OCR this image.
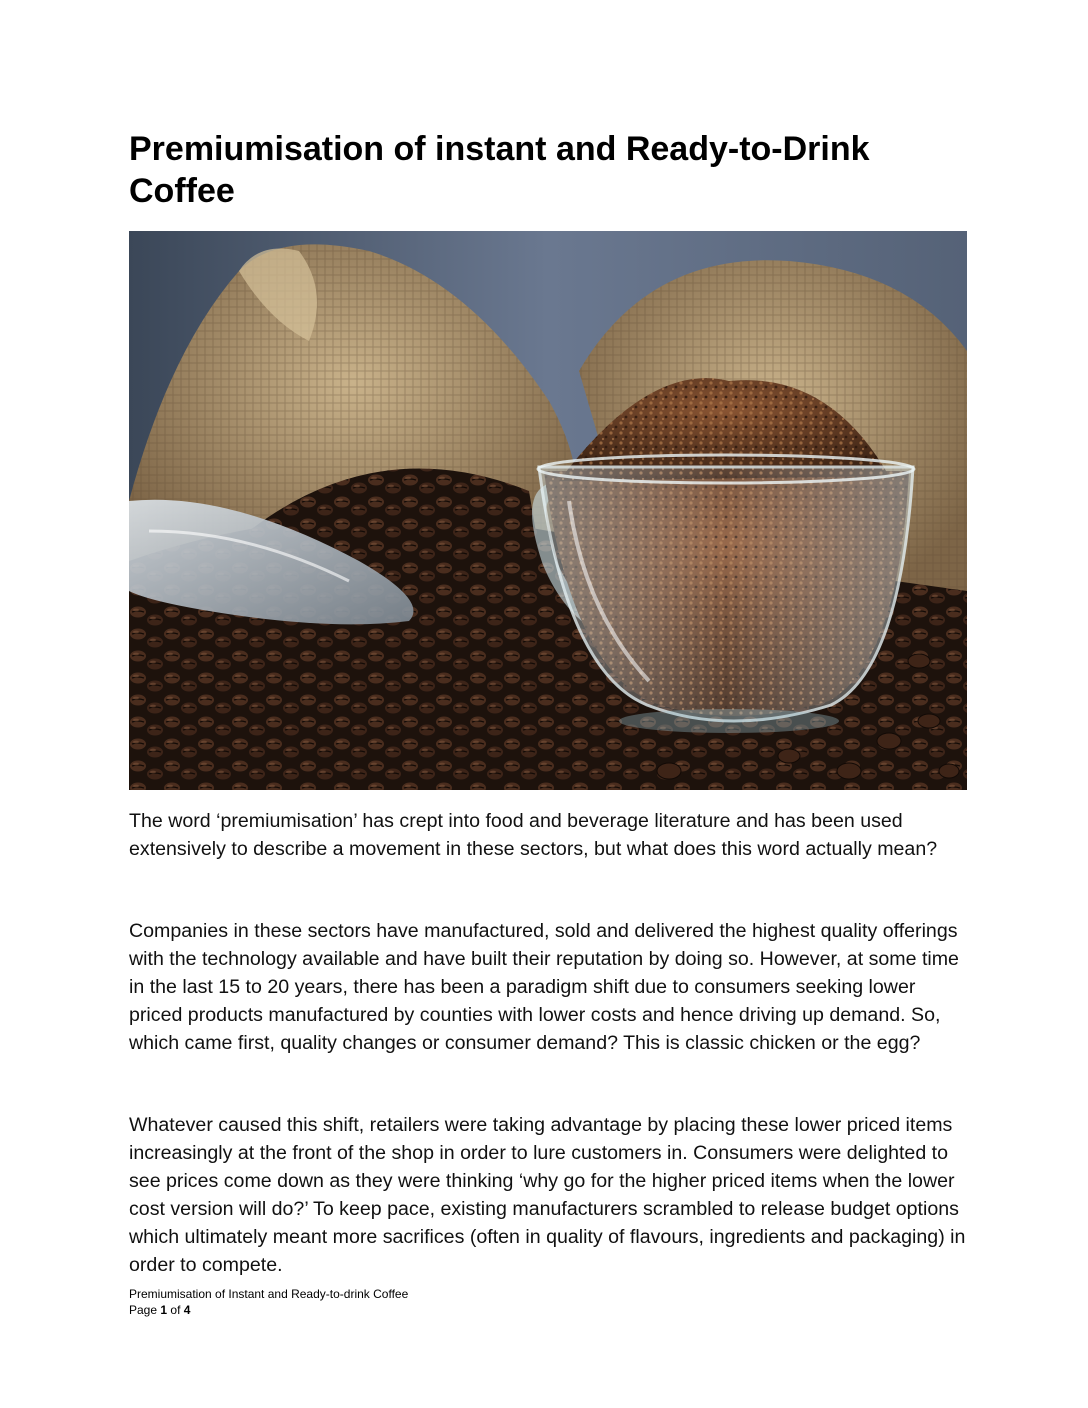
Premiumisation of instant and Ready-to-Drink Coffee

The word ‘premiumisation’ has crept into food and beverage literature and has been used extensively to describe a movement in these sectors, but what does this word actually mean?

Companies in these sectors have manufactured, sold and delivered the highest quality offerings with the technology available and have built their reputation by doing so. However, at some time in the last 15 to 20 years, there has been a paradigm shift due to consumers seeking lower priced products manufactured by counties with lower costs and hence driving up demand. So, which came first, quality changes or consumer demand? This is classic chicken or the egg?

Whatever caused this shift, retailers were taking advantage by placing these lower priced items increasingly at the front of the shop in order to lure customers in. Consumers were delighted to see prices come down as they were thinking ‘why go for the higher priced items when the lower cost version will do?’ To keep pace, existing manufacturers scrambled to release budget options which ultimately meant more sacrifices (often in quality of flavours, ingredients and packaging) in order to compete.

Premiumisation of Instant and Ready-to-drink Coffee
Page 1 of 4
